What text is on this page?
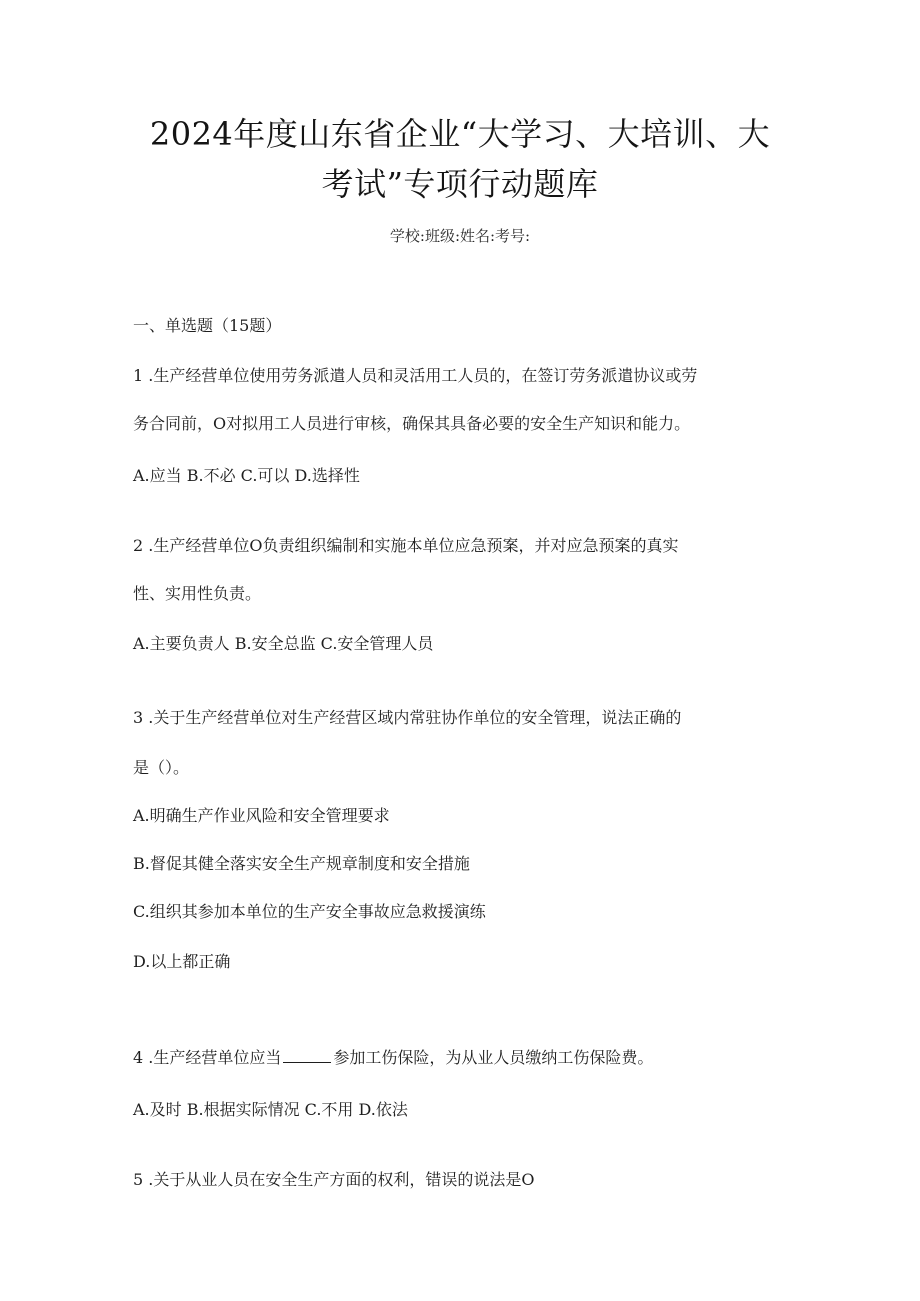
2024年度山东省企业“大学习、大培训、大
考试”专项行动题库
学校:班级:姓名:考号:
一、单选题（15题）
1 .生产经营单位使用劳务派遣人员和灵活用工人员的，在签订劳务派遣协议或劳
务合同前，O对拟用工人员进行审核，确保其具备必要的安全生产知识和能力。
A.应当 B.不必 C.可以 D.选择性
2 .生产经营单位O负责组织编制和实施本单位应急预案，并对应急预案的真实
性、实用性负责。
A.主要负责人 B.安全总监 C.安全管理人员
3 .关于生产经营单位对生产经营区域内常驻协作单位的安全管理，说法正确的
是（）。
A.明确生产作业风险和安全管理要求
B.督促其健全落实安全生产规章制度和安全措施
C.组织其参加本单位的生产安全事故应急救援演练
D.以上都正确
4 .生产经营单位应当	参加工伤保险，为从业人员缴纳工伤保险费。
A.及时 B.根据实际情况 C.不用 D.依法
5 .关于从业人员在安全生产方面的权利，错误的说法是O
